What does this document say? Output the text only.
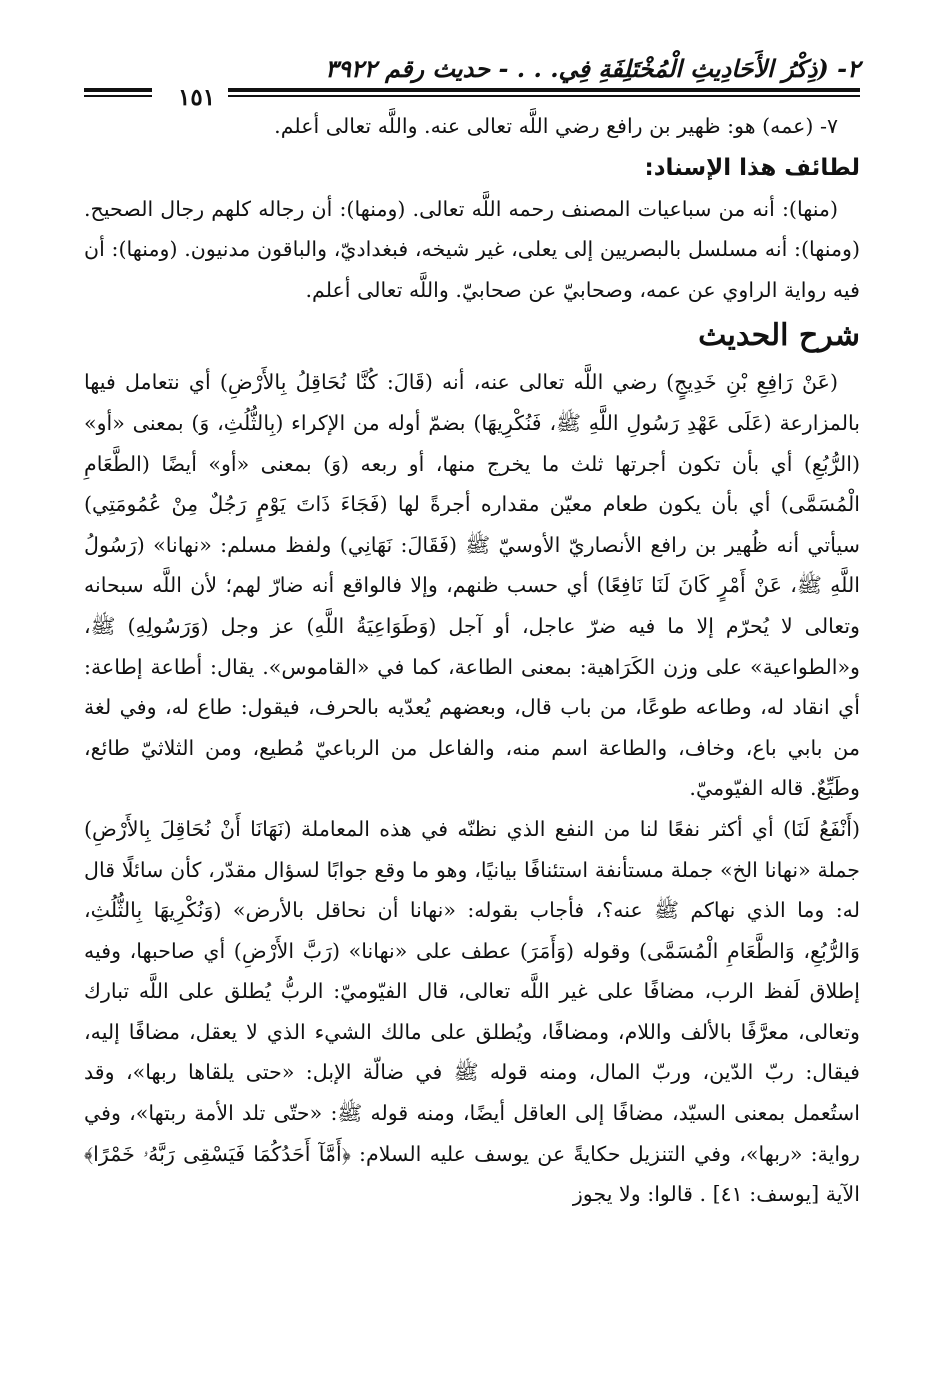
٢- (ذِكْرُ الأَحَادِيثِ الْمُخْتَلِفَةِ فِي. . . - حديث رقم ٣٩٢٢
١٥١

٧- (عمه) هو: ظهير بن رافع رضي اللَّه تعالى عنه. واللَّه تعالى أعلم.

لطائف هذا الإسناد:

(منها): أنه من سباعيات المصنف رحمه اللَّه تعالى. (ومنها): أن رجاله كلهم رجال الصحيح. (ومنها): أنه مسلسل بالبصريين إلى يعلى، غير شيخه، فبغداديّ، والباقون مدنيون. (ومنها): أن فيه رواية الراوي عن عمه، وصحابيّ عن صحابيّ. واللَّه تعالى أعلم.

شرح الحديث

(عَنْ رَافِعِ بْنِ خَدِيجٍ) رضي اللَّه تعالى عنه، أنه (قَالَ: كُنَّا نُحَاقِلُ بِالأَرْضِ) أي نتعامل فيها بالمزارعة (عَلَى عَهْدِ رَسُولِ اللَّهِ ﷺ، فَنُكْرِيهَا) بضمّ أوله من الإكراء (بِالثُّلُثِ، وَ) بمعنى «أو» (الرُّبُعِ) أي بأن تكون أجرتها ثلث ما يخرج منها، أو ربعه (وَ) بمعنى «أو» أيضًا (الطَّعَامِ الْمُسَمَّى) أي بأن يكون طعام معيّن مقداره أجرةً لها (فَجَاءَ ذَاتَ يَوْمٍ رَجُلٌ مِنْ عُمُومَتِي) سيأتي أنه ظُهير بن رافع الأنصاريّ الأوسيّ ﷺ (فَقَالَ: نَهَانِي) ولفظ مسلم: «نهانا» (رَسُولُ اللَّهِ ﷺ، عَنْ أَمْرٍ كَانَ لَنَا نَافِعًا) أي حسب ظنهم، وإلا فالواقع أنه ضارّ لهم؛ لأن اللَّه سبحانه وتعالى لا يُحرّم إلا ما فيه ضرّ عاجل، أو آجل (وَطَوَاعِيَةُ اللَّهِ) عز وجل (وَرَسُولِهِ) ﷺ، و«الطواعية» على وزن الكَرَاهية: بمعنى الطاعة، كما في «القاموس». يقال: أطاعة إطاعة: أي انقاد له، وطاعه طوعًا، من باب قال، وبعضهم يُعدّيه بالحرف، فيقول: طاع له، وفي لغة من بابي باع، وخاف، والطاعة اسم منه، والفاعل من الرباعيّ مُطيع، ومن الثلاثيّ طائع، وطَيِّعٌ. قاله الفيّوميّ.

(أَنْفَعُ لَنَا) أي أكثر نفعًا لنا من النفع الذي نظنّه في هذه المعاملة (نَهَانَا أَنْ نُحَاقِلَ بِالأَرْضِ) جملة «نهانا الخ» جملة مستأنفة استئنافًا بيانيًا، وهو ما وقع جوابًا لسؤال مقدّر، كأن سائلًا قال له: وما الذي نهاكم ﷺ عنه؟، فأجاب بقوله: «نهانا أن نحاقل بالأرض» (وَنُكْرِيهَا بِالثُّلُثِ، وَالرُّبُعِ، وَالطَّعَامِ الْمُسَمَّى) وقوله (وَأَمَرَ) عطف على «نهانا» (رَبَّ الأَرْضِ) أي صاحبها، وفيه إطلاق لَفظ الرب، مضافًا على غير اللَّه تعالى، قال الفيّوميّ: الربُّ يُطلق على اللَّه تبارك وتعالى، معرَّفًا بالألف واللام، ومضافًا، ويُطلق على مالك الشيء الذي لا يعقل، مضافًا إليه، فيقال: ربّ الدّين، وربّ المال، ومنه قوله ﷺ في ضالّة الإبل: «حتى يلقاها ربها»، وقد استُعمل بمعنى السيّد، مضافًا إلى العاقل أيضًا، ومنه قوله ﷺ: «حتّى تلد الأمة ربتها»، وفي رواية: «ربها»، وفي التنزيل حكايةً عن يوسف عليه السلام: ﴿أَمَّآ أَحَدُكُمَا فَيَسْقِى رَبَّهُۥ خَمْرًا﴾ الآية [يوسف: ٤١] . قالوا: ولا يجوز
